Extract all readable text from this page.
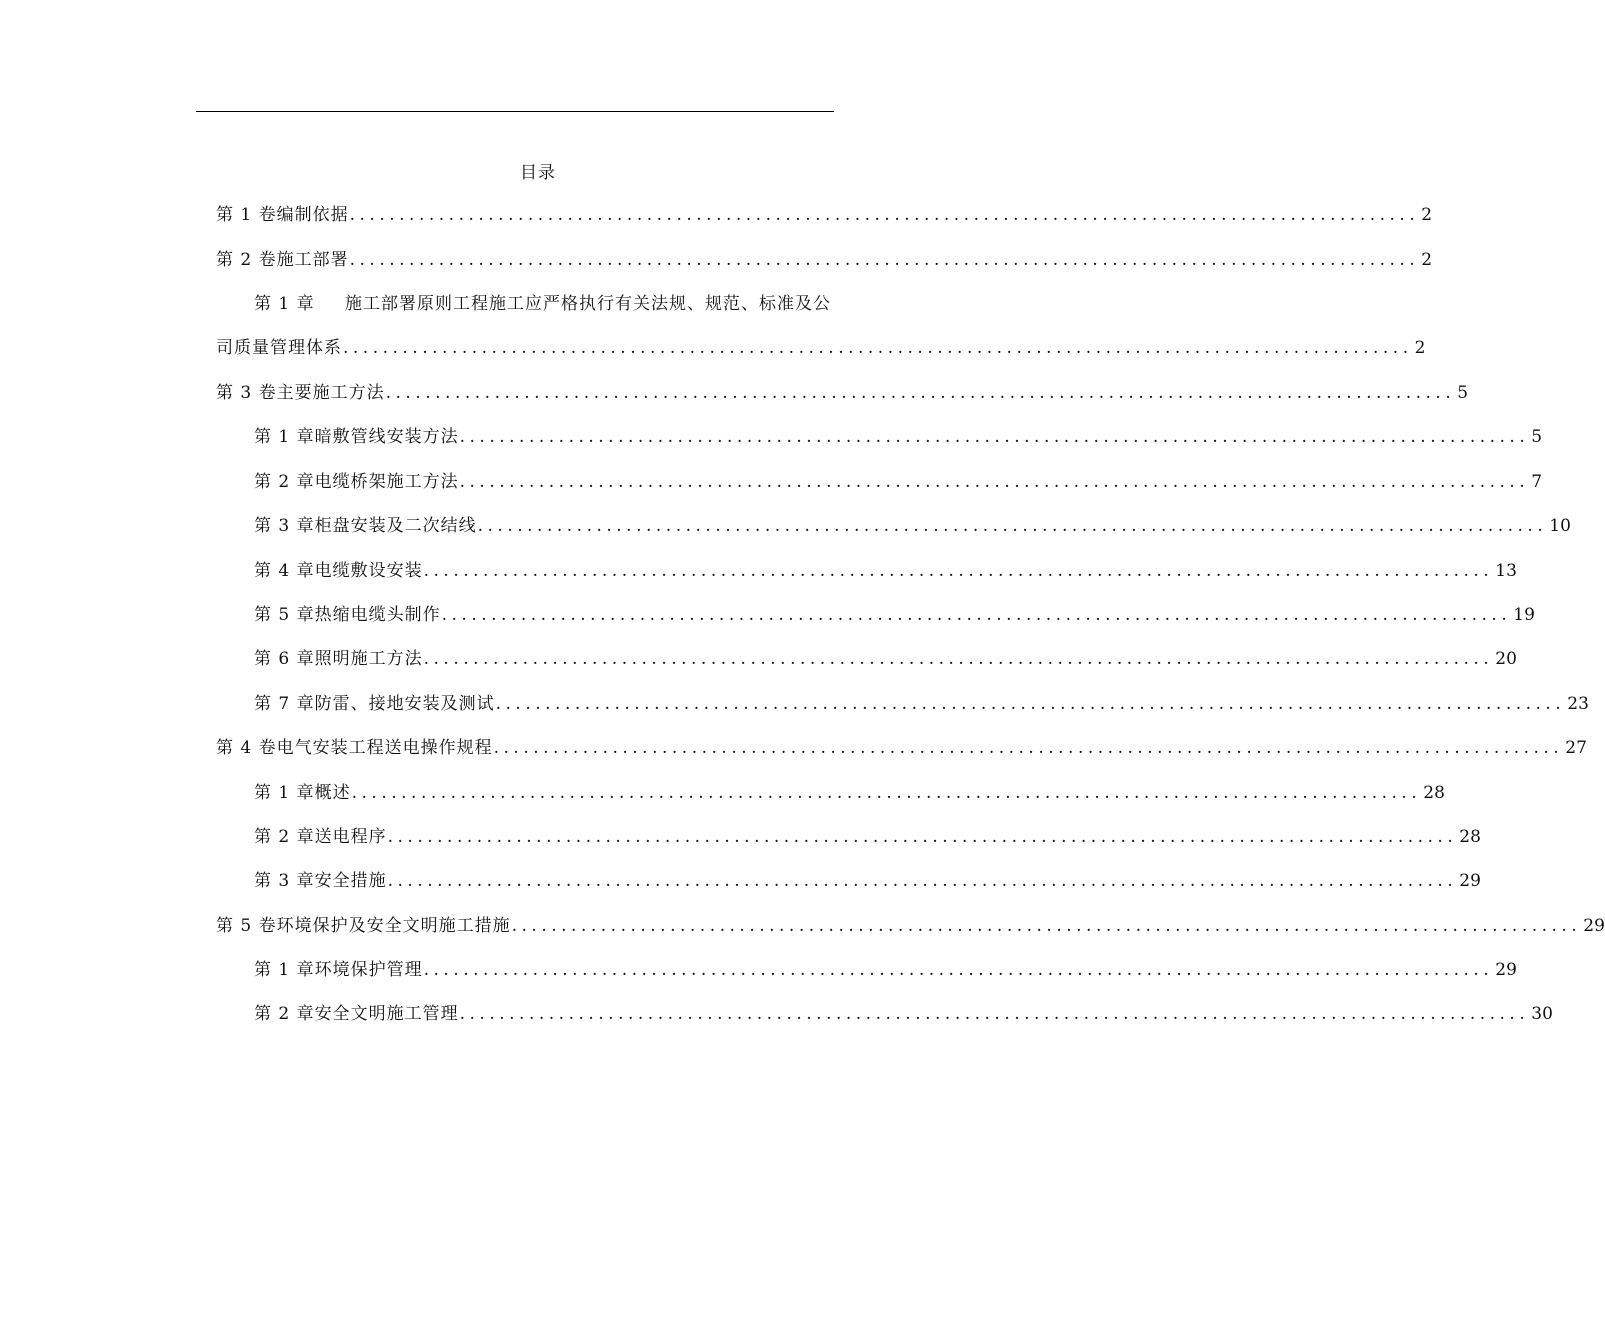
目录
第 1 卷 编制依据 ............................................................................................................ 2
第 2 卷 施工部署 ............................................................................................................ 2
第 1 章 施工部署原则工程施工应严格执行有关法规、规范、标准及公
司质量管理体系 ............................................................................................................ 2
第 3 卷 主要施工方法 ............................................................................................................ 5
第 1 章 暗敷管线安装方法 ............................................................................................................ 5
第 2 章 电缆桥架施工方法 ............................................................................................................ 7
第 3 章 柜盘安装及二次结线 ............................................................................................................ 10
第 4 章 电缆敷设安装 ............................................................................................................ 13
第 5 章 热缩电缆头制作 ............................................................................................................ 19
第 6 章 照明施工方法 ............................................................................................................ 20
第 7 章 防雷、接地安装及测试 ............................................................................................................ 23
第 4 卷 电气安装工程送电操作规程 ............................................................................................................ 27
第 1 章 概述 ............................................................................................................ 28
第 2 章 送电程序 ............................................................................................................ 28
第 3 章 安全措施 ............................................................................................................ 29
第 5 卷 环境保护及安全文明施工措施 ............................................................................................................ 29
第 1 章 环境保护管理 ............................................................................................................ 29
第 2 章 安全文明施工管理 ............................................................................................................ 30
